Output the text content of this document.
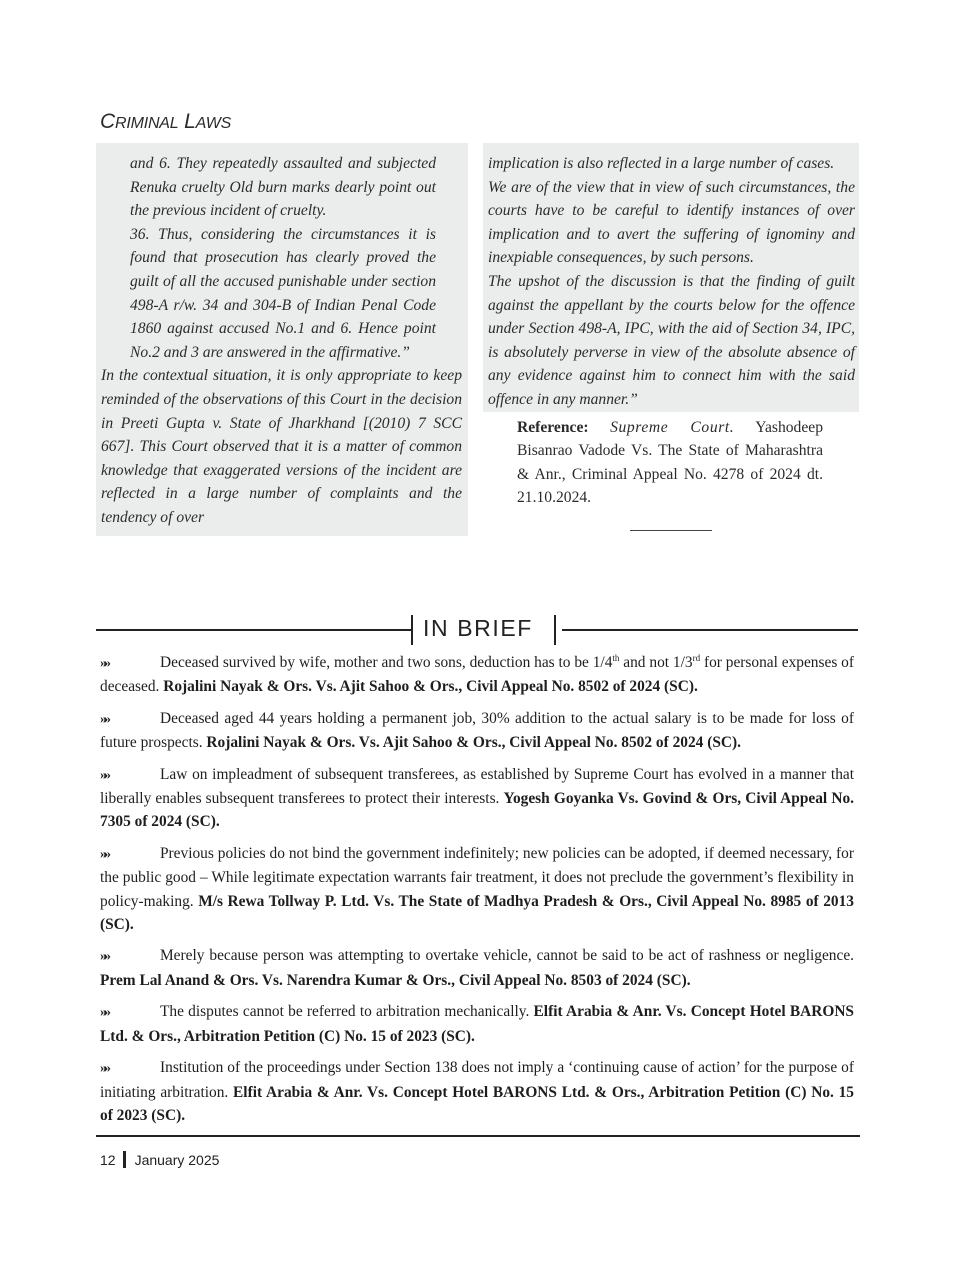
CRIMINAL LAWS

and 6. They repeatedly assaulted and subjected Renuka cruelty Old burn marks dearly point out the previous incident of cruelty.

36. Thus, considering the circumstances it is found that prosecution has clearly proved the guilt of all the accused punishable under section 498-A r/w. 34 and 304-B of Indian Penal Code 1860 against accused No.1 and 6. Hence point No.2 and 3 are answered in the affirmative.”

In the contextual situation, it is only appropriate to keep reminded of the observations of this Court in the decision in Preeti Gupta v. State of Jharkhand [(2010) 7 SCC 667]. This Court observed that it is a matter of common knowledge that exaggerated versions of the incident are reflected in a large number of complaints and the tendency of over

implication is also reflected in a large number of cases.

We are of the view that in view of such circumstances, the courts have to be careful to identify instances of over implication and to avert the suffering of ignominy and inexpiable consequences, by such persons.

The upshot of the discussion is that the finding of guilt against the appellant by the courts below for the offence under Section 498-A, IPC, with the aid of Section 34, IPC, is absolutely perverse in view of the absolute absence of any evidence against him to connect him with the said offence in any manner.”

Reference: Supreme Court. Yashodeep Bisanrao Vadode Vs. The State of Maharashtra & Anr., Criminal Appeal No. 4278 of 2024 dt. 21.10.2024.
IN BRIEF

»»	Deceased survived by wife, mother and two sons, deduction has to be 1/4th and not 1/3rd for personal expenses of deceased. Rojalini Nayak & Ors. Vs. Ajit Sahoo & Ors., Civil Appeal No. 8502 of 2024 (SC).

»»	Deceased aged 44 years holding a permanent job, 30% addition to the actual salary is to be made for loss of future prospects. Rojalini Nayak & Ors. Vs. Ajit Sahoo & Ors., Civil Appeal No. 8502 of 2024 (SC).

»»	Law on impleadment of subsequent transferees, as established by Supreme Court has evolved in a manner that liberally enables subsequent transferees to protect their interests. Yogesh Goyanka Vs. Govind & Ors, Civil Appeal No. 7305 of 2024 (SC).

»»	Previous policies do not bind the government indefinitely; new policies can be adopted, if deemed necessary, for the public good – While legitimate expectation warrants fair treatment, it does not preclude the government’s flexibility in policy-making. M/s Rewa Tollway P. Ltd. Vs. The State of Madhya Pradesh & Ors., Civil Appeal No. 8985 of 2013 (SC).

»»	Merely because person was attempting to overtake vehicle, cannot be said to be act of rashness or negligence. Prem Lal Anand & Ors. Vs. Narendra Kumar & Ors., Civil Appeal No. 8503 of 2024 (SC).

»»	The disputes cannot be referred to arbitration mechanically. Elfit Arabia & Anr. Vs. Concept Hotel BARONS Ltd. & Ors., Arbitration Petition (C) No. 15 of 2023 (SC).

»»	Institution of the proceedings under Section 138 does not imply a ‘continuing cause of action’ for the purpose of initiating arbitration. Elfit Arabia & Anr. Vs. Concept Hotel BARONS Ltd. & Ors., Arbitration Petition (C) No. 15 of 2023 (SC).

12 January 2025
